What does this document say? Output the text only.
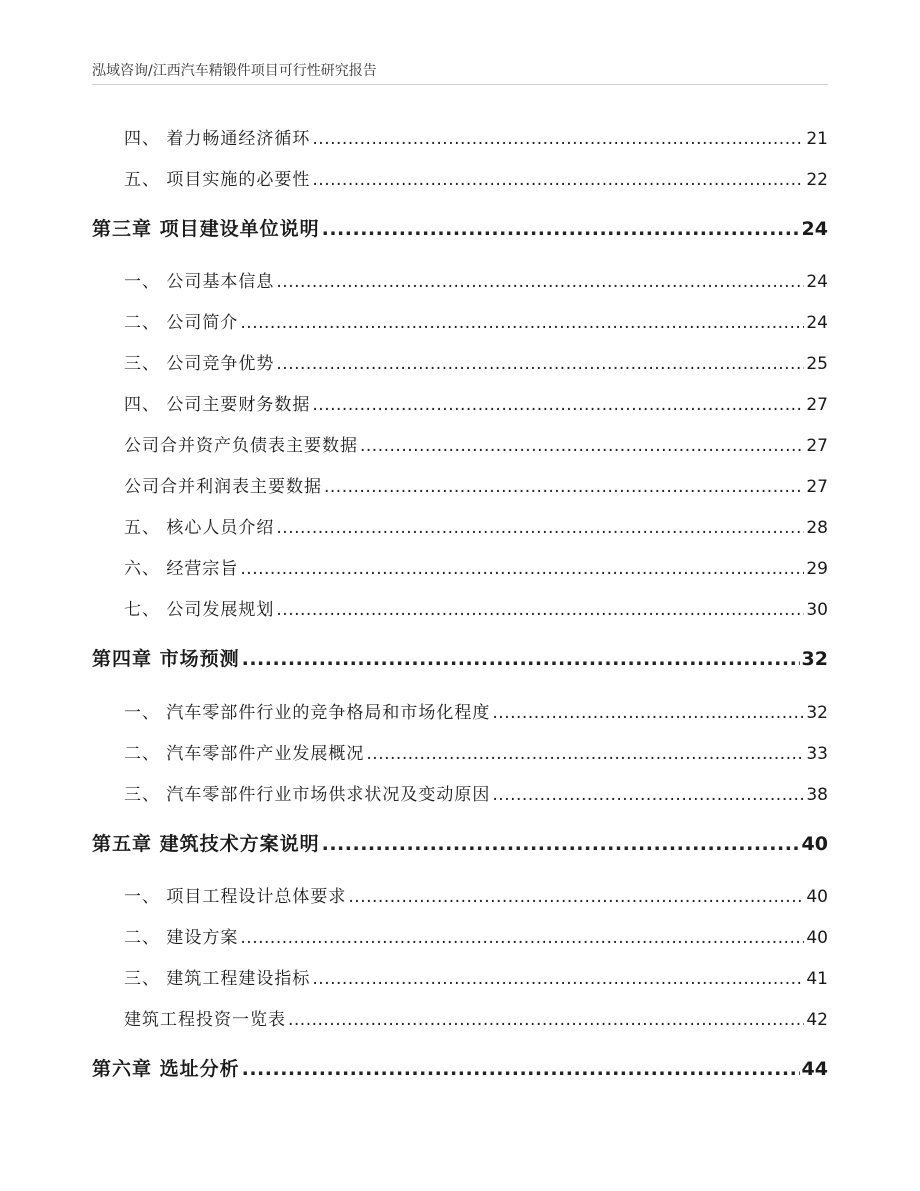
泓域咨询/江西汽车精锻件项目可行性研究报告
四、 着力畅通经济循环 .....	21
五、 项目实施的必要性 .....	22
第三章 项目建设单位说明 .....	24
一、 公司基本信息 .....	24
二、 公司简介 .....	24
三、 公司竞争优势 .....	25
四、 公司主要财务数据 .....	27
公司合并资产负债表主要数据 .....	27
公司合并利润表主要数据 .....	27
五、 核心人员介绍 .....	28
六、 经营宗旨 .....	29
七、 公司发展规划 .....	30
第四章 市场预测 .....	32
一、 汽车零部件行业的竞争格局和市场化程度 .....	32
二、 汽车零部件产业发展概况 .....	33
三、 汽车零部件行业市场供求状况及变动原因 .....	38
第五章 建筑技术方案说明 .....	40
一、 项目工程设计总体要求 .....	40
二、 建设方案 .....	40
三、 建筑工程建设指标 .....	41
建筑工程投资一览表 .....	42
第六章 选址分析 .....	44
